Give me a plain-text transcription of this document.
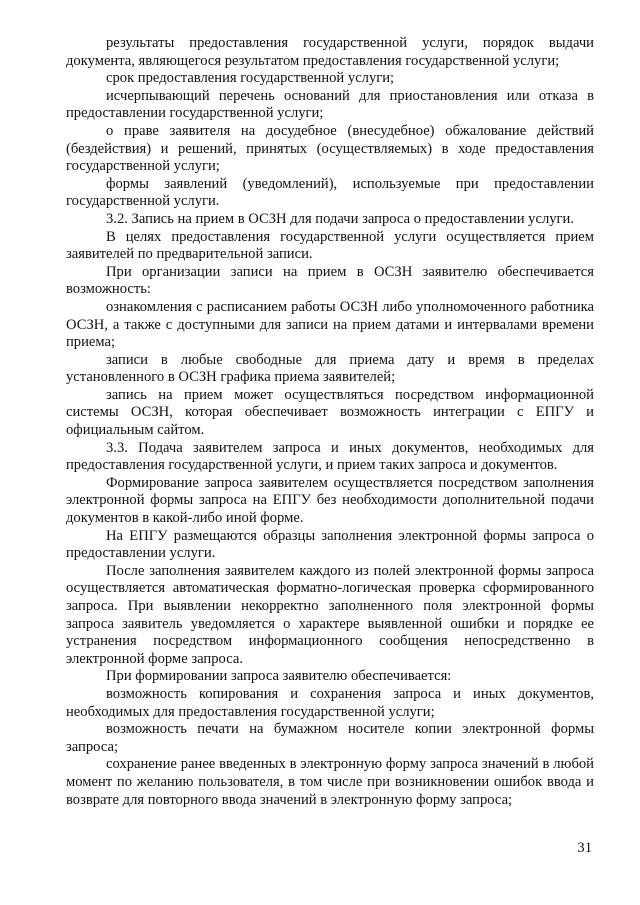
результаты предоставления государственной услуги, порядок выдачи документа, являющегося результатом предоставления государственной услуги;

срок предоставления государственной услуги;

исчерпывающий перечень оснований для приостановления или отказа в предоставлении государственной услуги;

о праве заявителя на досудебное (внесудебное) обжалование действий (бездействия) и решений, принятых (осуществляемых) в ходе предоставления государственной услуги;

формы заявлений (уведомлений), используемые при предоставлении государственной услуги.

3.2. Запись на прием в ОСЗН для подачи запроса о предоставлении услуги.

В целях предоставления государственной услуги осуществляется прием заявителей по предварительной записи.

При организации записи на прием в ОСЗН заявителю обеспечивается возможность:

ознакомления с расписанием работы ОСЗН либо уполномоченного работника ОСЗН, а также с доступными для записи на прием датами и интервалами времени приема;

записи в любые свободные для приема дату и время в пределах установленного в ОСЗН графика приема заявителей;

запись на прием может осуществляться посредством информационной системы ОСЗН, которая обеспечивает возможность интеграции с ЕПГУ и официальным сайтом.

3.3. Подача заявителем запроса и иных документов, необходимых для предоставления государственной услуги, и прием таких запроса и документов.

Формирование запроса заявителем осуществляется посредством заполнения электронной формы запроса на ЕПГУ без необходимости дополнительной подачи документов в какой-либо иной форме.

На ЕПГУ размещаются образцы заполнения электронной формы запроса о предоставлении услуги.

После заполнения заявителем каждого из полей электронной формы запроса осуществляется автоматическая форматно-логическая проверка сформированного запроса. При выявлении некорректно заполненного поля электронной формы запроса заявитель уведомляется о характере выявленной ошибки и порядке ее устранения посредством информационного сообщения непосредственно в электронной форме запроса.

При формировании запроса заявителю обеспечивается:

возможность копирования и сохранения запроса и иных документов, необходимых для предоставления государственной услуги;

возможность печати на бумажном носителе копии электронной формы запроса;

сохранение ранее введенных в электронную форму запроса значений в любой момент по желанию пользователя, в том числе при возникновении ошибок ввода и возврате для повторного ввода значений в электронную форму запроса;

31
